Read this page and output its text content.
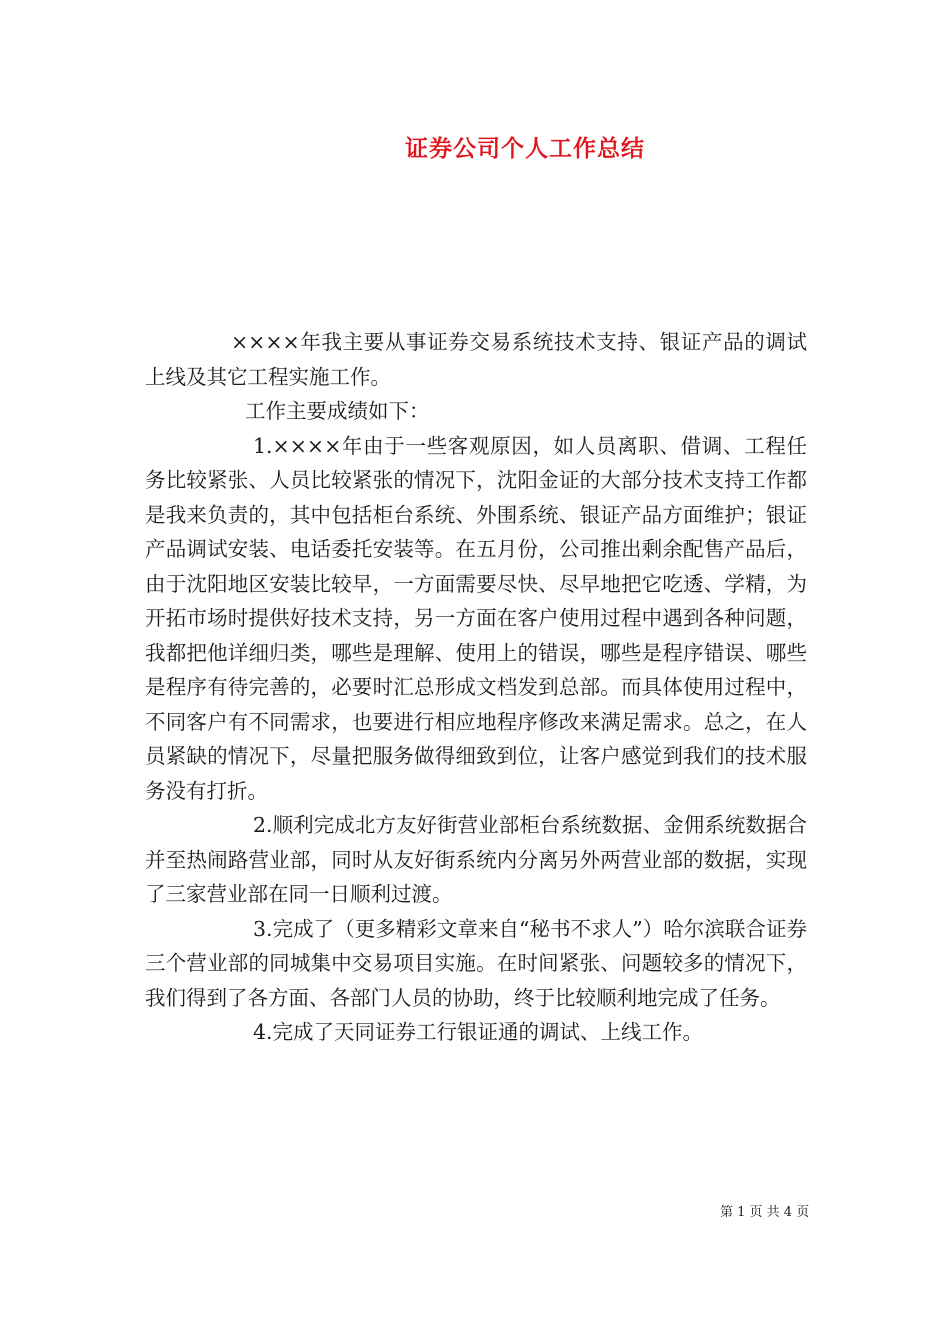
证券公司个人工作总结

××××年我主要从事证券交易系统技术支持、银证产品的调试上线及其它工程实施工作。

工作主要成绩如下：

1.××××年由于一些客观原因，如人员离职、借调、工程任务比较紧张、人员比较紧张的情况下，沈阳金证的大部分技术支持工作都是我来负责的，其中包括柜台系统、外围系统、银证产品方面维护；银证产品调试安装、电话委托安装等。在五月份，公司推出剩余配售产品后，由于沈阳地区安装比较早，一方面需要尽快、尽早地把它吃透、学精，为开拓市场时提供好技术支持，另一方面在客户使用过程中遇到各种问题，我都把他详细归类，哪些是理解、使用上的错误，哪些是程序错误、哪些是程序有待完善的，必要时汇总形成文档发到总部。而具体使用过程中，不同客户有不同需求，也要进行相应地程序修改来满足需求。总之，在人员紧缺的情况下，尽量把服务做得细致到位，让客户感觉到我们的技术服务没有打折。

2.顺利完成北方友好街营业部柜台系统数据、金佣系统数据合并至热闹路营业部，同时从友好街系统内分离另外两营业部的数据，实现了三家营业部在同一日顺利过渡。

3.完成了（更多精彩文章来自“秘书不求人”）哈尔滨联合证券三个营业部的同城集中交易项目实施。在时间紧张、问题较多的情况下，我们得到了各方面、各部门人员的协助，终于比较顺利地完成了任务。

4.完成了天同证券工行银证通的调试、上线工作。

第 1 页 共 4 页
